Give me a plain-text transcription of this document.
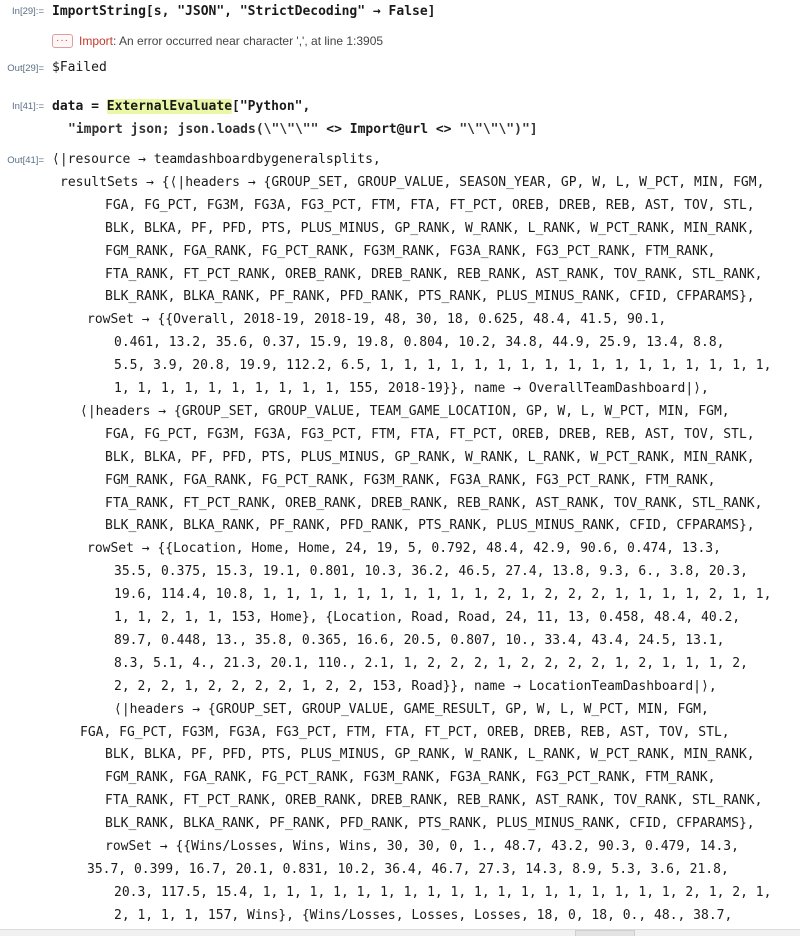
In[29]:= ImportString[s, "JSON", "StrictDecoding" → False]
··· Import : An error occurred near character ',', at line 1:3905
Out[29]= $Failed
In[41]:= data = ExternalEvaluate["Python",
"import json; json.loads(\"\"\"" <> Import@url <> "\"\"\")"]
Out[41]= ⟨|resource → teamdashboardbygeneralsplits,
resultSets → {⟨|headers → {GROUP_SET, GROUP_VALUE, SEASON_YEAR, GP, W, L, W_PCT, MIN, FGM,
FGA, FG_PCT, FG3M, FG3A, FG3_PCT, FTM, FTA, FT_PCT, OREB, DREB, REB, AST, TOV, STL,
BLK, BLKA, PF, PFD, PTS, PLUS_MINUS, GP_RANK, W_RANK, L_RANK, W_PCT_RANK, MIN_RANK,
FGM_RANK, FGA_RANK, FG_PCT_RANK, FG3M_RANK, FG3A_RANK, FG3_PCT_RANK, FTM_RANK,
FTA_RANK, FT_PCT_RANK, OREB_RANK, DREB_RANK, REB_RANK, AST_RANK, TOV_RANK, STL_RANK,
BLK_RANK, BLKA_RANK, PF_RANK, PFD_RANK, PTS_RANK, PLUS_MINUS_RANK, CFID, CFPARAMS},
rowSet → {{Overall, 2018-19, 2018-19, 48, 30, 18, 0.625, 48.4, 41.5, 90.1,
0.461, 13.2, 35.6, 0.37, 15.9, 19.8, 0.804, 10.2, 34.8, 44.9, 25.9, 13.4, 8.8,
5.5, 3.9, 20.8, 19.9, 112.2, 6.5, 1, 1, 1, 1, 1, 1, 1, 1, 1, 1, 1, 1, 1, 1, 1, 1, 1,
1, 1, 1, 1, 1, 1, 1, 1, 1, 1, 155, 2018-19}}, name → OverallTeamDashboard|⟩,
⟨|headers → {GROUP_SET, GROUP_VALUE, TEAM_GAME_LOCATION, GP, W, L, W_PCT, MIN, FGM,
FGA, FG_PCT, FG3M, FG3A, FG3_PCT, FTM, FTA, FT_PCT, OREB, DREB, REB, AST, TOV, STL,
BLK, BLKA, PF, PFD, PTS, PLUS_MINUS, GP_RANK, W_RANK, L_RANK, W_PCT_RANK, MIN_RANK,
FGM_RANK, FGA_RANK, FG_PCT_RANK, FG3M_RANK, FG3A_RANK, FG3_PCT_RANK, FTM_RANK,
FTA_RANK, FT_PCT_RANK, OREB_RANK, DREB_RANK, REB_RANK, AST_RANK, TOV_RANK, STL_RANK,
BLK_RANK, BLKA_RANK, PF_RANK, PFD_RANK, PTS_RANK, PLUS_MINUS_RANK, CFID, CFPARAMS},
rowSet → {{Location, Home, Home, 24, 19, 5, 0.792, 48.4, 42.9, 90.6, 0.474, 13.3,
35.5, 0.375, 15.3, 19.1, 0.801, 10.3, 36.2, 46.5, 27.4, 13.8, 9.3, 6., 3.8, 20.3,
19.6, 114.4, 10.8, 1, 1, 1, 1, 1, 1, 1, 1, 1, 1, 2, 1, 2, 2, 2, 1, 1, 1, 1, 2, 1, 1,
1, 1, 2, 1, 1, 153, Home}, {Location, Road, Road, 24, 11, 13, 0.458, 48.4, 40.2,
89.7, 0.448, 13., 35.8, 0.365, 16.6, 20.5, 0.807, 10., 33.4, 43.4, 24.5, 13.1,
8.3, 5.1, 4., 21.3, 20.1, 110., 2.1, 1, 2, 2, 2, 1, 2, 2, 2, 2, 1, 2, 1, 1, 1, 2,
2, 2, 2, 1, 2, 2, 2, 2, 1, 2, 2, 153, Road}}, name → LocationTeamDashboard|⟩,
⟨|headers → {GROUP_SET, GROUP_VALUE, GAME_RESULT, GP, W, L, W_PCT, MIN, FGM,
FGA, FG_PCT, FG3M, FG3A, FG3_PCT, FTM, FTA, FT_PCT, OREB, DREB, REB, AST, TOV, STL,
BLK, BLKA, PF, PFD, PTS, PLUS_MINUS, GP_RANK, W_RANK, L_RANK, W_PCT_RANK, MIN_RANK,
FGM_RANK, FGA_RANK, FG_PCT_RANK, FG3M_RANK, FG3A_RANK, FG3_PCT_RANK, FTM_RANK,
FTA_RANK, FT_PCT_RANK, OREB_RANK, DREB_RANK, REB_RANK, AST_RANK, TOV_RANK, STL_RANK,
BLK_RANK, BLKA_RANK, PF_RANK, PFD_RANK, PTS_RANK, PLUS_MINUS_RANK, CFID, CFPARAMS},
rowSet → {{Wins/Losses, Wins, Wins, 30, 30, 0, 1., 48.7, 43.2, 90.3, 0.479, 14.3,
35.7, 0.399, 16.7, 20.1, 0.831, 10.2, 36.4, 46.7, 27.3, 14.3, 8.9, 5.3, 3.6, 21.8,
20.3, 117.5, 15.4, 1, 1, 1, 1, 1, 1, 1, 1, 1, 1, 1, 1, 1, 1, 1, 1, 1, 1, 2, 1, 2, 1,
2, 1, 1, 1, 157, Wins}, {Wins/Losses, Losses, Losses, 18, 0, 18, 0., 48., 38.7,
